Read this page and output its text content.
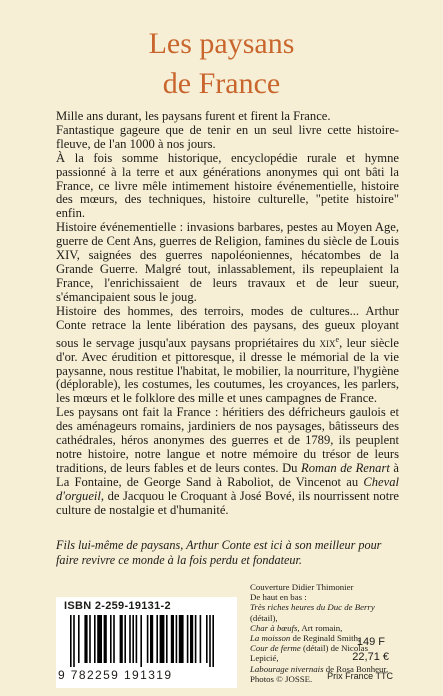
Les paysans
de France

Mille ans durant, les paysans furent et firent la France.

Fantastique gageure que de tenir en un seul livre cette histoire-fleuve, de l'an 1000 à nos jours.

À la fois somme historique, encyclopédie rurale et hymne passionné à la terre et aux générations anonymes qui ont bâti la France, ce livre mêle intimement histoire événementielle, histoire des mœurs, des techniques, histoire culturelle, "petite histoire" enfin.

Histoire événementielle : invasions barbares, pestes au Moyen Age, guerre de Cent Ans, guerres de Religion, famines du siècle de Louis XIV, saignées des guerres napoléoniennes, hécatombes de la Grande Guerre. Malgré tout, inlassablement, ils repeuplaient la France, l'enrichissaient de leurs travaux et de leur sueur, s'émancipaient sous le joug.

Histoire des hommes, des terroirs, modes de cultures... Arthur Conte retrace la lente libération des paysans, des gueux ployant sous le servage jusqu'aux paysans propriétaires du xix$^e$, leur siècle d'or. Avec érudition et pittoresque, il dresse le mémorial de la vie paysanne, nous restitue l'habitat, le mobilier, la nourriture, l'hygiène (déplorable), les costumes, les coutumes, les croyances, les parlers, les mœurs et le folklore des mille et unes campagnes de France.

Les paysans ont fait la France : héritiers des défricheurs gaulois et des aménageurs romains, jardiniers de nos paysages, bâtisseurs des cathédrales, héros anonymes des guerres et de 1789, ils peuplent notre histoire, notre langue et notre mémoire du trésor de leurs traditions, de leurs fables et de leurs contes. Du Roman de Renart à La Fontaine, de George Sand à Raboliot, de Vincenot au Cheval d'orgueil, de Jacquou le Croquant à José Bové, ils nourrissent notre culture de nostalgie et d'humanité.

Fils lui-même de paysans, Arthur Conte est ici à son meilleur pour faire revivre ce monde à la fois perdu et fondateur.
ISBN 2-259-19131-2
9 782259 191319
Couverture Didier Thimonier
De haut en bas :
Très riches heures du Duc de Berry (détail),
Char à bœufs, Art romain,
La moisson de Reginald Smith,
Cour de ferme (détail) de Nicolas Lepicié,
Labourage nivernais de Rosa Bonheur,
Photos © JOSSE.
149 F
22,71 €
Prix France TTC
